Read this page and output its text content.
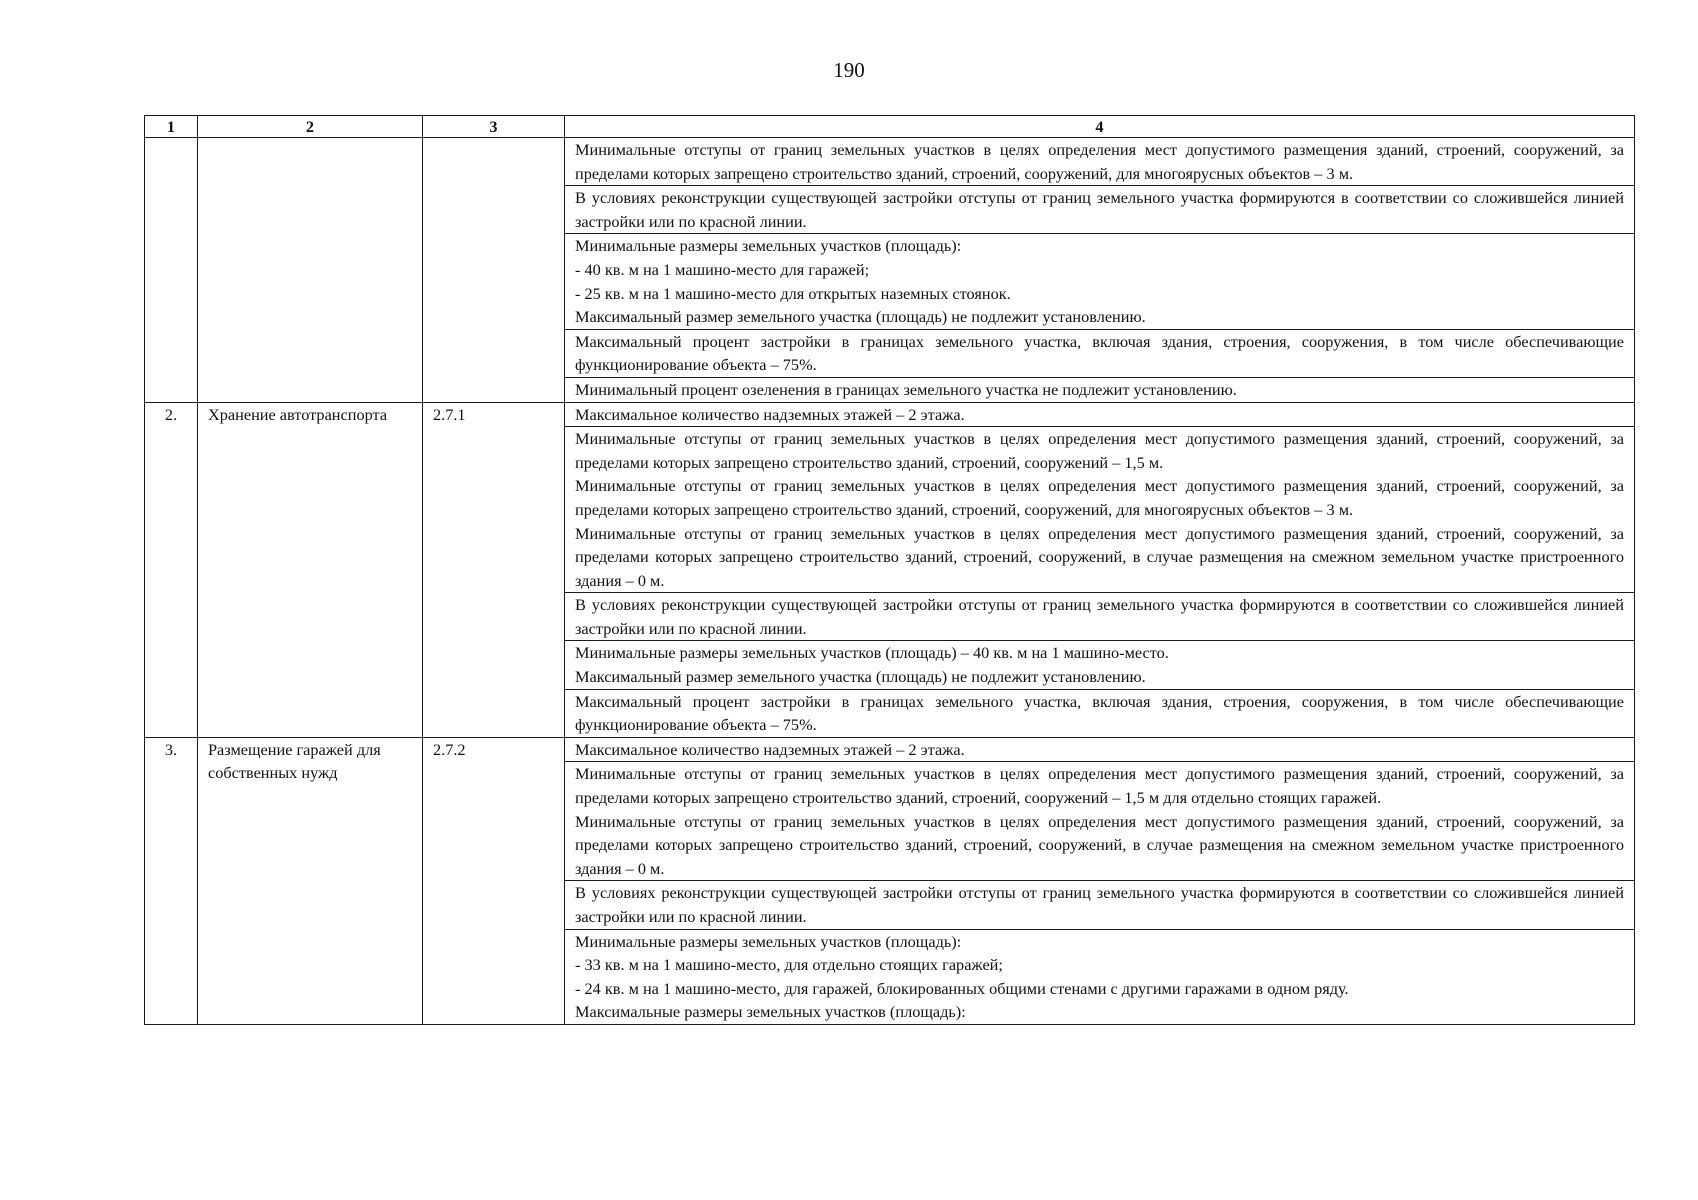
190
1	2	3	4

			Минимальные отступы от границ земельных участков в целях определения мест допустимого размещения зданий, строений, сооружений, за пределами которых запрещено строительство зданий, строений, сооружений, для многоярусных объектов – 3 м.

			В условиях реконструкции существующей застройки отступы от границ земельного участка формируются в соответствии со сложившейся линией застройки или по красной линии.

			Минимальные размеры земельных участков (площадь):
- 40 кв. м на 1 машино-место для гаражей;
- 25 кв. м на 1 машино-место для открытых наземных стоянок.
Максимальный размер земельного участка (площадь) не подлежит установлению.

			Максимальный процент застройки в границах земельного участка, включая здания, строения, сооружения, в том числе обеспечивающие функционирование объекта – 75%.

			Минимальный процент озеленения в границах земельного участка не подлежит установлению.

2.	Хранение автотранспорта	2.7.1	Максимальное количество надземных этажей – 2 этажа.

			Минимальные отступы от границ земельных участков в целях определения мест допустимого размещения зданий, строений, сооружений, за пределами которых запрещено строительство зданий, строений, сооружений – 1,5 м.
Минимальные отступы от границ земельных участков в целях определения мест допустимого размещения зданий, строений, сооружений, за пределами которых запрещено строительство зданий, строений, сооружений, для многоярусных объектов – 3 м.
Минимальные отступы от границ земельных участков в целях определения мест допустимого размещения зданий, строений, сооружений, за пределами которых запрещено строительство зданий, строений, сооружений, в случае размещения на смежном земельном участке пристроенного здания – 0 м.

			В условиях реконструкции существующей застройки отступы от границ земельного участка формируются в соответствии со сложившейся линией застройки или по красной линии.

			Минимальные размеры земельных участков (площадь) – 40 кв. м на 1 машино-место.
Максимальный размер земельного участка (площадь) не подлежит установлению.

			Максимальный процент застройки в границах земельного участка, включая здания, строения, сооружения, в том числе обеспечивающие функционирование объекта – 75%.

3.	Размещение гаражей для собственных нужд	2.7.2	Максимальное количество надземных этажей – 2 этажа.

			Минимальные отступы от границ земельных участков в целях определения мест допустимого размещения зданий, строений, сооружений, за пределами которых запрещено строительство зданий, строений, сооружений – 1,5 м для отдельно стоящих гаражей.
Минимальные отступы от границ земельных участков в целях определения мест допустимого размещения зданий, строений, сооружений, за пределами которых запрещено строительство зданий, строений, сооружений, в случае размещения на смежном земельном участке пристроенного здания – 0 м.

			В условиях реконструкции существующей застройки отступы от границ земельного участка формируются в соответствии со сложившейся линией застройки или по красной линии.

			Минимальные размеры земельных участков (площадь):
- 33 кв. м на 1 машино-место, для отдельно стоящих гаражей;
- 24 кв. м на 1 машино-место, для гаражей, блокированных общими стенами с другими гаражами в одном ряду.
Максимальные размеры земельных участков (площадь):
